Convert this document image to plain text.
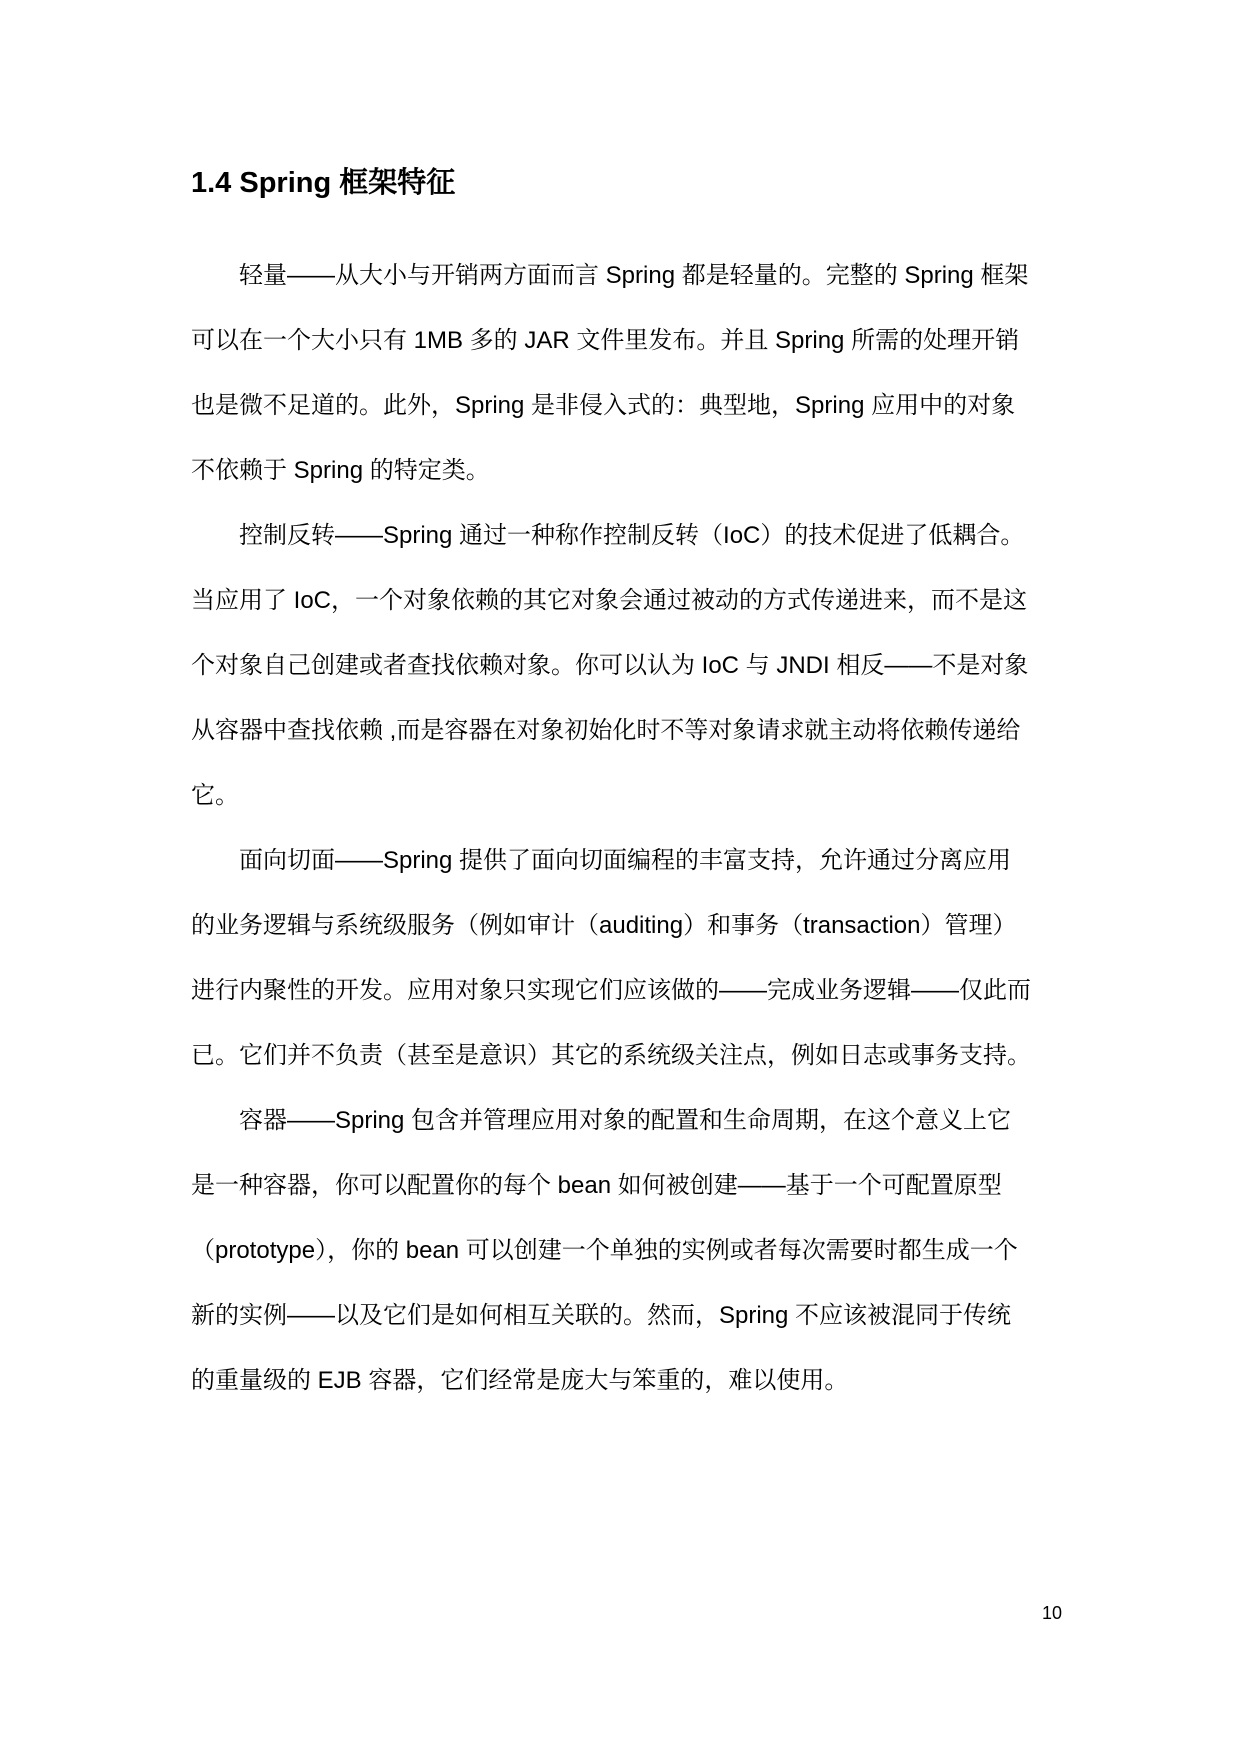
1.4 Spring 框架特征

轻量——从大小与开销两方面而言 Spring 都是轻量的。完整的 Spring 框架

可以在一个大小只有 1MB 多的 JAR 文件里发布。并且 Spring 所需的处理开销

也是微不足道的。此外，Spring 是非侵入式的：典型地，Spring 应用中的对象

不依赖于 Spring 的特定类。

控制反转——Spring 通过一种称作控制反转（IoC）的技术促进了低耦合。

当应用了 IoC，一个对象依赖的其它对象会通过被动的方式传递进来，而不是这

个对象自己创建或者查找依赖对象。你可以认为 IoC 与 JNDI 相反——不是对象

从容器中查找依赖 ,而是容器在对象初始化时不等对象请求就主动将依赖传递给

它。

面向切面——Spring 提供了面向切面编程的丰富支持，允许通过分离应用

的业务逻辑与系统级服务（例如审计（auditing）和事务（transaction）管理）

进行内聚性的开发。应用对象只实现它们应该做的——完成业务逻辑——仅此而

已。它们并不负责（甚至是意识）其它的系统级关注点，例如日志或事务支持。

容器——Spring 包含并管理应用对象的配置和生命周期，在这个意义上它

是一种容器，你可以配置你的每个 bean 如何被创建——基于一个可配置原型

（prototype），你的 bean 可以创建一个单独的实例或者每次需要时都生成一个

新的实例——以及它们是如何相互关联的。然而，Spring 不应该被混同于传统

的重量级的 EJB 容器，它们经常是庞大与笨重的，难以使用。

10
